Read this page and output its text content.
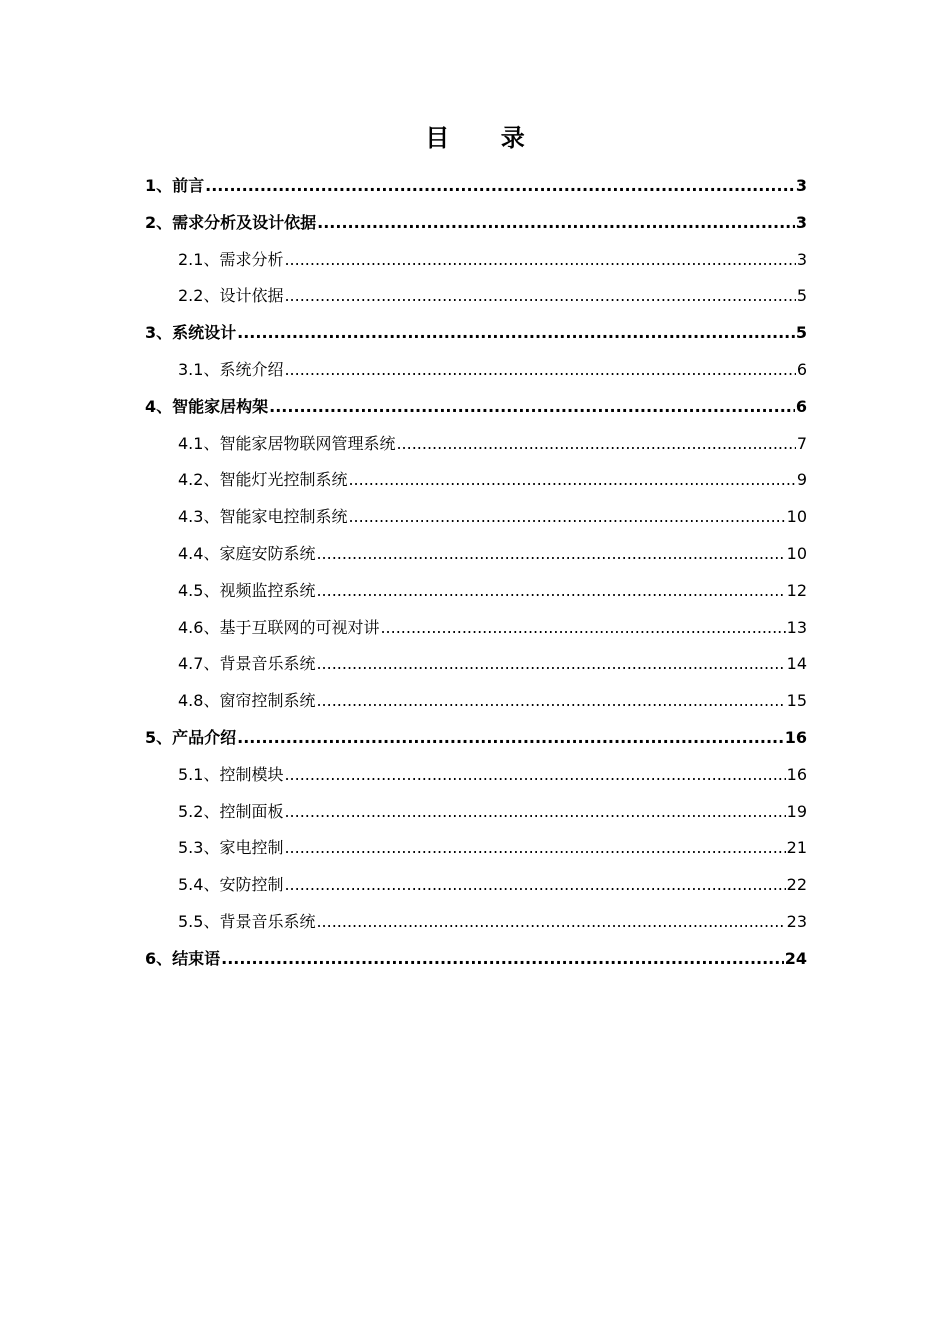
目 录
1、前言 .....	3
2、需求分析及设计依据 .....	3
2.1、需求分析 .....	3
2.2、设计依据 .....	5
3、系统设计 .....	5
3.1、系统介绍 .....	6
4、智能家居构架 .....	6
4.1、智能家居物联网管理系统 .....	7
4.2、智能灯光控制系统 .....	9
4.3、智能家电控制系统 .....	10
4.4、家庭安防系统 .....	10
4.5、视频监控系统 .....	12
4.6、基于互联网的可视对讲 .....	13
4.7、背景音乐系统 .....	14
4.8、窗帘控制系统 .....	15
5、产品介绍 .....	16
5.1、控制模块 .....	16
5.2、控制面板 .....	19
5.3、家电控制 .....	21
5.4、安防控制 .....	22
5.5、背景音乐系统 .....	23
6、结束语 .....	24
